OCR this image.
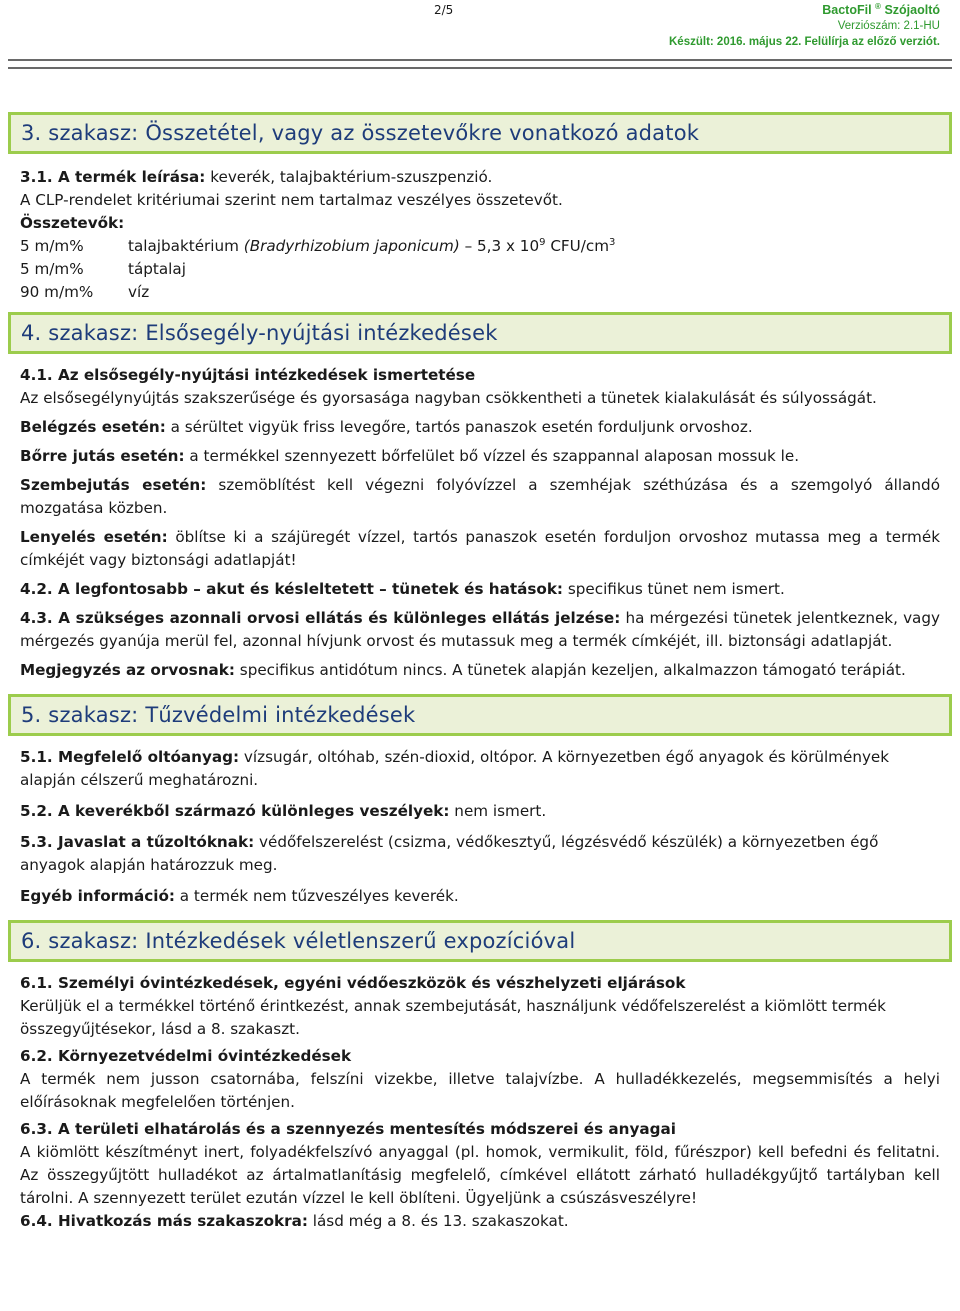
2/5	BactoFil ® Szójaoltó
Verziószám: 2.1-HU
Készült: 2016. május 22. Felülírja az előző verziót.
3. szakasz: Összetétel, vagy az összetevőkre vonatkozó adatok

3.1. A termék leírása: keverék, talajbaktérium-szuszpenzió.

A CLP-rendelet kritériumai szerint nem tartalmaz veszélyes összetevőt.

Összetevők:

5 m/m%	talajbaktérium (Bradyrhizobium japonicum) – 5,3 x $10^9$ CFU/$cm^3$
5 m/m%	táptalaj
90 m/m%	víz
4. szakasz: Elsősegély-nyújtási intézkedések

4.1. Az elsősegély-nyújtási intézkedések ismertetése

Az elsősegélynyújtás szakszerűsége és gyorsasága nagyban csökkentheti a tünetek kialakulását és súlyosságát.

Belégzés esetén: a sérültet vigyük friss levegőre, tartós panaszok esetén forduljunk orvoshoz.

Bőrre jutás esetén: a termékkel szennyezett bőrfelület bő vízzel és szappannal alaposan mossuk le.

Szembejutás esetén: szemöblítést kell végezni folyóvízzel a szemhéjak széthúzása és a szemgolyó állandó mozgatása közben.

Lenyelés esetén: öblítse ki a szájüregét vízzel, tartós panaszok esetén forduljon orvoshoz mutassa meg a termék címkéjét vagy biztonsági adatlapját!

4.2. A legfontosabb – akut és késleltetett – tünetek és hatások: specifikus tünet nem ismert.

4.3. A szükséges azonnali orvosi ellátás és különleges ellátás jelzése: ha mérgezési tünetek jelentkeznek, vagy mérgezés gyanúja merül fel, azonnal hívjunk orvost és mutassuk meg a termék címkéjét, ill. biztonsági adatlapját.

Megjegyzés az orvosnak: specifikus antidótum nincs. A tünetek alapján kezeljen, alkalmazzon támogató terápiát.

5. szakasz: Tűzvédelmi intézkedések

5.1. Megfelelő oltóanyag: vízsugár, oltóhab, szén-dioxid, oltópor. A környezetben égő anyagok és körülmények alapján célszerű meghatározni.

5.2. A keverékből származó különleges veszélyek: nem ismert.

5.3. Javaslat a tűzoltóknak: védőfelszerelést (csizma, védőkesztyű, légzésvédő készülék) a környezetben égő anyagok alapján határozzuk meg.

Egyéb információ: a termék nem tűzveszélyes keverék.

6. szakasz: Intézkedések véletlenszerű expozícióval

6.1. Személyi óvintézkedések, egyéni védőeszközök és vészhelyzeti eljárások

Kerüljük el a termékkel történő érintkezést, annak szembejutását, használjunk védőfelszerelést a kiömlött termék összegyűjtésekor, lásd a 8. szakaszt.

6.2. Környezetvédelmi óvintézkedések

A termék nem jusson csatornába, felszíni vizekbe, illetve talajvízbe. A hulladékkezelés, megsemmisítés a helyi előírásoknak megfelelően történjen.

6.3. A területi elhatárolás és a szennyezés mentesítés módszerei és anyagai

A kiömlött készítményt inert, folyadékfelszívó anyaggal (pl. homok, vermikulit, föld, fűrészpor) kell befedni és felitatni. Az összegyűjtött hulladékot az ártalmatlanításig megfelelő, címkével ellátott zárható hulladékgyűjtő tartályban kell tárolni. A szennyezett terület ezután vízzel le kell öblíteni. Ügyeljünk a csúszásveszélyre!

6.4. Hivatkozás más szakaszokra: lásd még a 8. és 13. szakaszokat.
